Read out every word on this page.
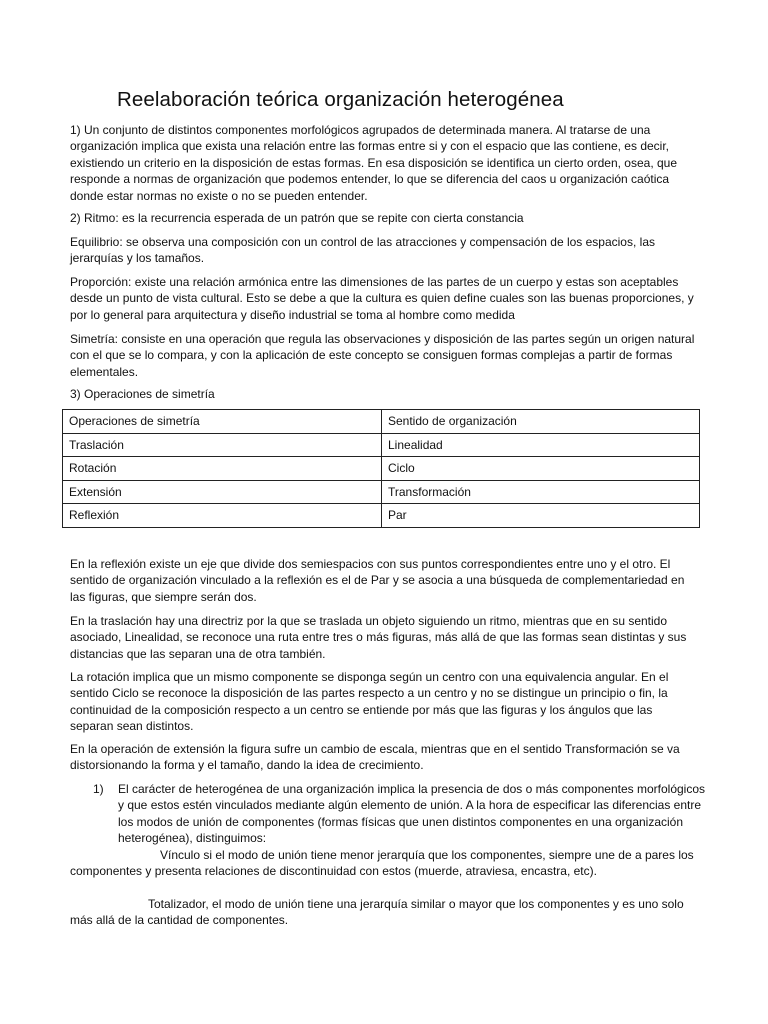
Reelaboración teórica organización heterogénea

1) Un conjunto de distintos componentes morfológicos agrupados de determinada manera. Al tratarse de una organización implica que exista una relación entre las formas entre si y con el espacio que las contiene, es decir, existiendo un criterio en la disposición de estas formas. En esa disposición se identifica un cierto orden, osea, que responde a normas de organización que podemos entender, lo que se diferencia del caos u organización caótica donde estar normas no existe o no se pueden entender.

2) Ritmo: es la recurrencia esperada de un patrón que se repite con cierta constancia

Equilibrio: se observa una composición con un control de las atracciones y compensación de los espacios, las jerarquías y los tamaños.

Proporción: existe una relación armónica entre las dimensiones de las partes de un cuerpo y estas son aceptables desde un punto de vista cultural. Esto se debe a que la cultura es quien define cuales son las buenas proporciones, y por lo general para arquitectura y diseño industrial se toma al hombre como medida

Simetría: consiste en una operación que regula las observaciones y disposición de las partes según un origen natural con el que se lo compara, y con la aplicación de este concepto se consiguen formas complejas a partir de formas elementales.

3) Operaciones de simetría

Operaciones de simetría	Sentido de organización
Traslación	Linealidad
Rotación	Ciclo
Extensión	Transformación
Reflexión	Par

En la reflexión existe un eje que divide dos semiespacios con sus puntos correspondientes entre uno y el otro. El sentido de organización vinculado a la reflexión es el de Par y se asocia a una búsqueda de complementariedad en las figuras, que siempre serán dos.

En la traslación hay una directriz por la que se traslada un objeto siguiendo un ritmo, mientras que en su sentido asociado, Linealidad, se reconoce una ruta entre tres o más figuras, más allá de que las formas sean distintas y sus distancias que las separan una de otra también.

La rotación implica que un mismo componente se disponga según un centro con una equivalencia angular. En el sentido Ciclo se reconoce la disposición de las partes respecto a un centro y no se distingue un principio o fin, la continuidad de la composición respecto a un centro se entiende por más que las figuras y los ángulos que las separan sean distintos.

En la operación de extensión la figura sufre un cambio de escala, mientras que en el sentido Transformación se va distorsionando la forma y el tamaño, dando la idea de crecimiento.

1) El carácter de heterogénea de una organización implica la presencia de dos o más componentes morfológicos y que estos estén vinculados mediante algún elemento de unión. A la hora de especificar las diferencias entre los modos de unión de componentes (formas físicas que unen distintos componentes en una organización heterogénea), distinguimos:

Vínculo si el modo de unión tiene menor jerarquía que los componentes, siempre une de a pares los componentes y presenta relaciones de discontinuidad con estos (muerde, atraviesa, encastra, etc).

Totalizador, el modo de unión tiene una jerarquía similar o mayor que los componentes y es uno solo más allá de la cantidad de componentes.
